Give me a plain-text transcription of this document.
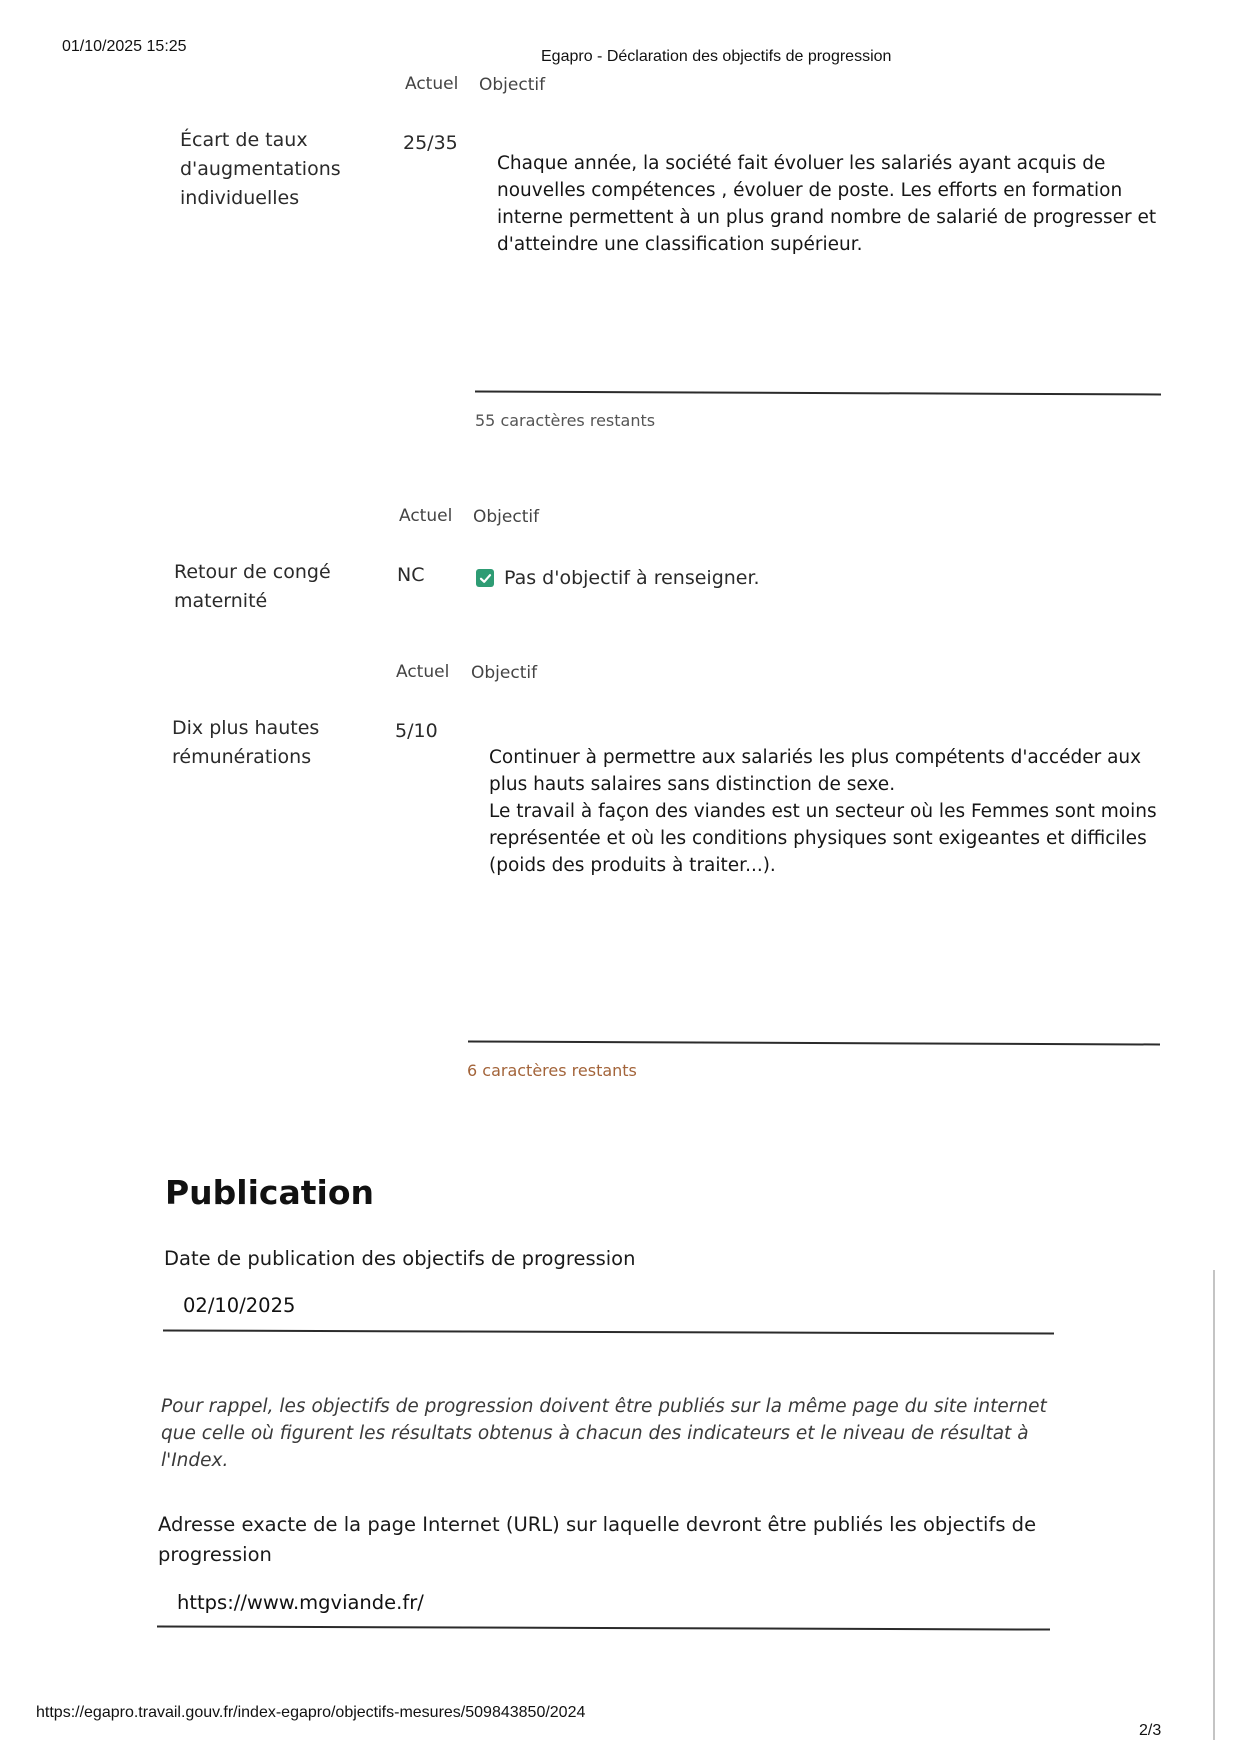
01/10/2025 15:25
Egapro - Déclaration des objectifs de progression
Actuel Objectif
Écart de taux
d'augmentations
individuelles
25/35
Chaque année, la société fait évoluer les salariés ayant acquis de
nouvelles compétences , évoluer de poste. Les efforts en formation
interne permettent à un plus grand nombre de salarié de progresser et
d'atteindre une classification supérieur.
55 caractères restants
Actuel Objectif
Retour de congé
maternité
NC	Pas d'objectif à renseigner.
Actuel Objectif
Dix plus hautes
rémunérations
5/10
Continuer à permettre aux salariés les plus compétents d'accéder aux
plus hauts salaires sans distinction de sexe.
Le travail à façon des viandes est un secteur où les Femmes sont moins
représentée et où les conditions physiques sont exigeantes et difficiles
(poids des produits à traiter...).
6 caractères restants
Publication
Date de publication des objectifs de progression
02/10/2025
Pour rappel, les objectifs de progression doivent être publiés sur la même page du site internet
que celle où figurent les résultats obtenus à chacun des indicateurs et le niveau de résultat à
l'Index.
Adresse exacte de la page Internet (URL) sur laquelle devront être publiés les objectifs de
progression
https://www.mgviande.fr/
https://egapro.travail.gouv.fr/index-egapro/objectifs-mesures/509843850/2024
2/3
